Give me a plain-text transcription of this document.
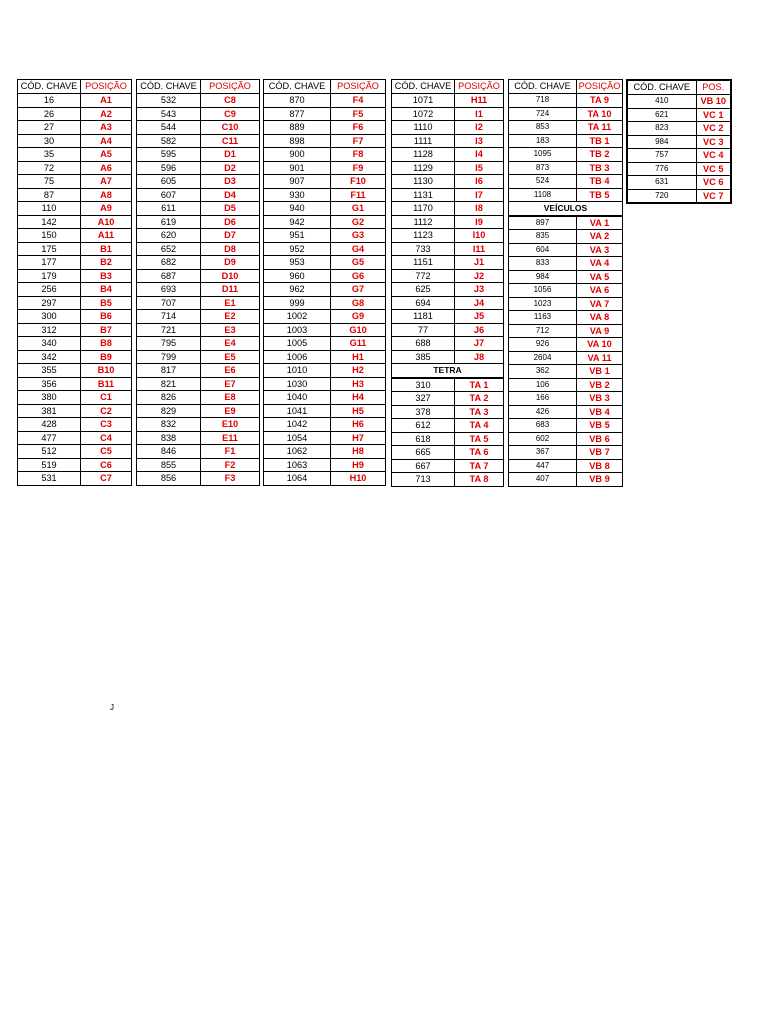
CÓD. CHAVE	POSIÇÃO
16	A1
26	A2
27	A3
30	A4
35	A5
72	A6
75	A7
87	A8
110	A9
142	A10
150	A11
175	B1
177	B2
179	B3
256	B4
297	B5
300	B6
312	B7
340	B8
342	B9
355	B10
356	B11
380	C1
381	C2
428	C3
477	C4
512	C5
519	C6
531	C7
CÓD. CHAVE	POSIÇÃO
532	C8
543	C9
544	C10
582	C11
595	D1
596	D2
605	D3
607	D4
611	D5
619	D6
620	D7
652	D8
682	D9
687	D10
693	D11
707	E1
714	E2
721	E3
795	E4
799	E5
817	E6
821	E7
826	E8
829	E9
832	E10
838	E11
846	F1
855	F2
856	F3
CÓD. CHAVE	POSIÇÃO
870	F4
877	F5
889	F6
898	F7
900	F8
901	F9
907	F10
930	F11
940	G1
942	G2
951	G3
952	G4
953	G5
960	G6
962	G7
999	G8
1002	G9
1003	G10
1005	G11
1006	H1
1010	H2
1030	H3
1040	H4
1041	H5
1042	H6
1054	H7
1062	H8
1063	H9
1064	H10
CÓD. CHAVE	POSIÇÃO
1071	H11
1072	I1
1110	I2
1111	I3
1128	I4
1129	I5
1130	I6
1131	I7
1170	I8
1112	I9
1123	I10
733	I11
1151	J1
772	J2
625	J3
694	J4
1181	J5
77	J6
688	J7
385	J8
TETRA	
310	TA 1
327	TA 2
378	TA 3
612	TA 4
618	TA 5
665	TA 6
667	TA 7
713	TA 8
CÓD. CHAVE	POSIÇÃO
718	TA 9
724	TA 10
853	TA 11
183	TB 1
1095	TB 2
873	TB 3
524	TB 4
1108	TB 5
VEÍCULOS	
897	VA 1
835	VA 2
604	VA 3
833	VA 4
984	VA 5
1056	VA 6
1023	VA 7
1163	VA 8
712	VA 9
926	VA 10
2604	VA 11
362	VB 1
106	VB 2
166	VB 3
426	VB 4
683	VB 5
602	VB 6
367	VB 7
447	VB 8
407	VB 9
CÓD. CHAVE	POS.
410	VB 10
621	VC 1
823	VC 2
984	VC 3
757	VC 4
776	VC 5
631	VC 6
720	VC 7
J
